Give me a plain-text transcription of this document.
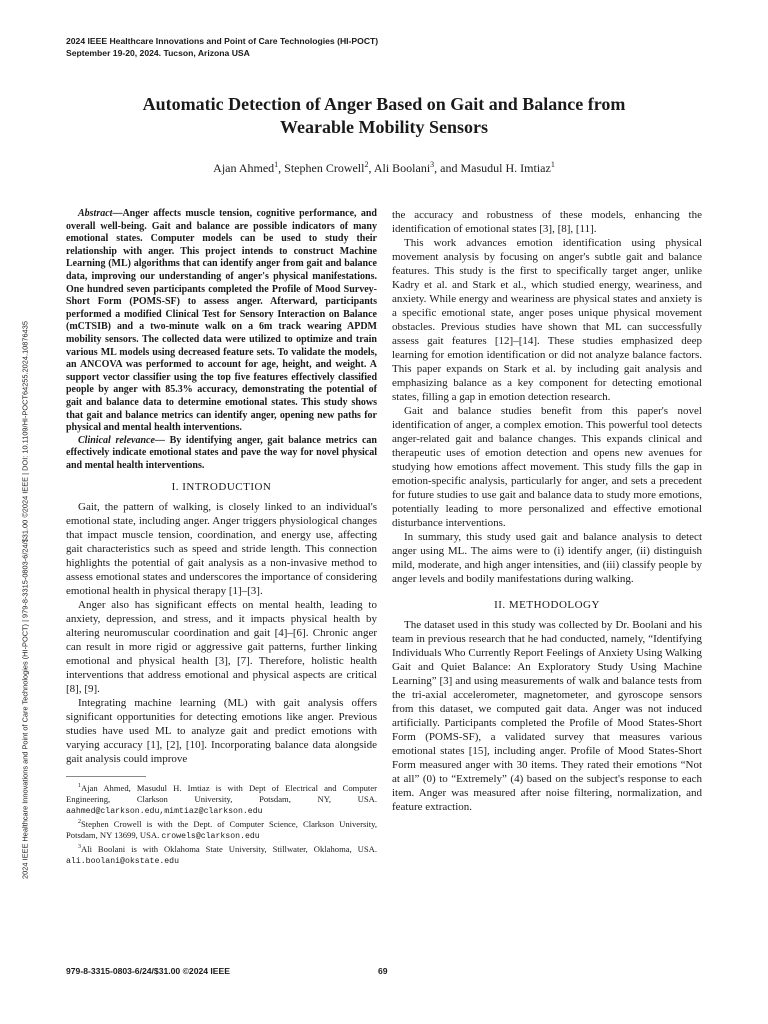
2024 IEEE Healthcare Innovations and Point of Care Technologies (HI-POCT)
September 19-20, 2024. Tucson, Arizona USA
2024 IEEE Healthcare Innovations and Point of Care Technologies (HI-POCT) | 979-8-3315-0803-6/24/$31.00 ©2024 IEEE | DOI: 10.1109/HI-POCT64255.2024.10876435
Automatic Detection of Anger Based on Gait and Balance from
Wearable Mobility Sensors
Ajan Ahmed$^1$, Stephen Crowell$^2$, Ali Boolani$^3$, and Masudul H. Imtiaz$^1$

Abstract—Anger affects muscle tension, cognitive performance, and overall well-being. Gait and balance are possible indicators of many emotional states. Computer models can be used to study their relationship with anger. This project intends to construct Machine Learning (ML) algorithms that can identify anger from gait and balance data, improving our understanding of anger's physical manifestations. One hundred seven participants completed the Profile of Mood Survey-Short Form (POMS-SF) to assess anger. Afterward, participants performed a modified Clinical Test for Sensory Interaction on Balance (mCTSIB) and a two-minute walk on a 6m track wearing APDM mobility sensors. The collected data were utilized to optimize and train various ML models using decreased feature sets. To validate the models, an ANCOVA was performed to account for age, height, and weight. A support vector classifier using the top five features effectively classified people by anger with 85.3% accuracy, demonstrating the potential of gait and balance data to determine emotional states. This study shows that gait and balance metrics can identify anger, opening new paths for physical and mental health interventions.

Clinical relevance— By identifying anger, gait balance metrics can effectively indicate emotional states and pave the way for novel physical and mental health interventions.

I. INTRODUCTION

Gait, the pattern of walking, is closely linked to an individual's emotional state, including anger. Anger triggers physiological changes that impact muscle tension, coordination, and energy use, affecting gait characteristics such as speed and stride length. This connection highlights the potential of gait analysis as a non-invasive method to assess emotional states and underscores the importance of considering emotional health in physical therapy [1]–[3].

Anger also has significant effects on mental health, leading to anxiety, depression, and stress, and it impacts physical health by altering neuromuscular coordination and gait [4]–[6]. Chronic anger can result in more rigid or aggressive gait patterns, further linking emotional and physical health [3], [7]. Therefore, holistic health interventions that address emotional and physical aspects are critical [8], [9].

Integrating machine learning (ML) with gait analysis offers significant opportunities for detecting emotions like anger. Previous studies have used ML to analyze gait and predict emotions with varying accuracy [1], [2], [10]. Incorporating balance data alongside gait analysis could improve

$^1$Ajan Ahmed, Masudul H. Imtiaz is with Dept of Electrical and Computer Engineering, Clarkson University, Potsdam, NY, USA. aahmed@clarkson.edu,mimtiaz@clarkson.edu

$^2$Stephen Crowell is with the Dept. of Computer Science, Clarkson University, Potsdam, NY 13699, USA. crowels@clarkson.edu

$^3$Ali Boolani is with Oklahoma State University, Stillwater, Oklahoma, USA. ali.boolani@okstate.edu

the accuracy and robustness of these models, enhancing the identification of emotional states [3], [8], [11].

This work advances emotion identification using physical movement analysis by focusing on anger's subtle gait and balance features. This study is the first to specifically target anger, unlike Kadry et al. and Stark et al., which studied energy, weariness, and anxiety. While energy and weariness are physical states and anxiety is a specific emotional state, anger poses unique physical movement obstacles. Previous studies have shown that ML can successfully assess gait features [12]–[14]. These studies emphasized deep learning for emotion identification or did not analyze balance factors. This paper expands on Stark et al. by including gait analysis and emphasizing balance as a key component for detecting emotional states, filling a gap in emotion detection research.

Gait and balance studies benefit from this paper's novel identification of anger, a complex emotion. This powerful tool detects anger-related gait and balance changes. This expands clinical and therapeutic uses of emotion detection and opens new avenues for studying how emotions affect movement. This study fills the gap in emotion-specific analysis, particularly for anger, and sets a precedent for future studies to use gait and balance data to study more emotions, potentially leading to more personalized and effective emotional disturbance interventions.

In summary, this study used gait and balance analysis to detect anger using ML. The aims were to (i) identify anger, (ii) distinguish mild, moderate, and high anger intensities, and (iii) classify people by anger levels and bodily manifestations during walking.

II. METHODOLOGY

The dataset used in this study was collected by Dr. Boolani and his team in previous research that he had conducted, namely, “Identifying Individuals Who Currently Report Feelings of Anxiety Using Walking Gait and Quiet Balance: An Exploratory Study Using Machine Learning” [3] and using measurements of walk and balance tests from the tri-axial accelerometer, magnetometer, and gyroscope sensors from this dataset, we computed gait data. Anger was not induced artificially. Participants completed the Profile of Mood States-Short Form (POMS-SF), a validated survey that measures various emotional states [15], including anger. Profile of Mood States-Short Form measured anger with 30 items. They rated their emotions “Not at all” (0) to “Extremely” (4) based on the subject's response to each item. Anger was measured after noise filtering, normalization, and feature extraction.

979-8-3315-0803-6/24/$31.00 ©2024 IEEE	69
